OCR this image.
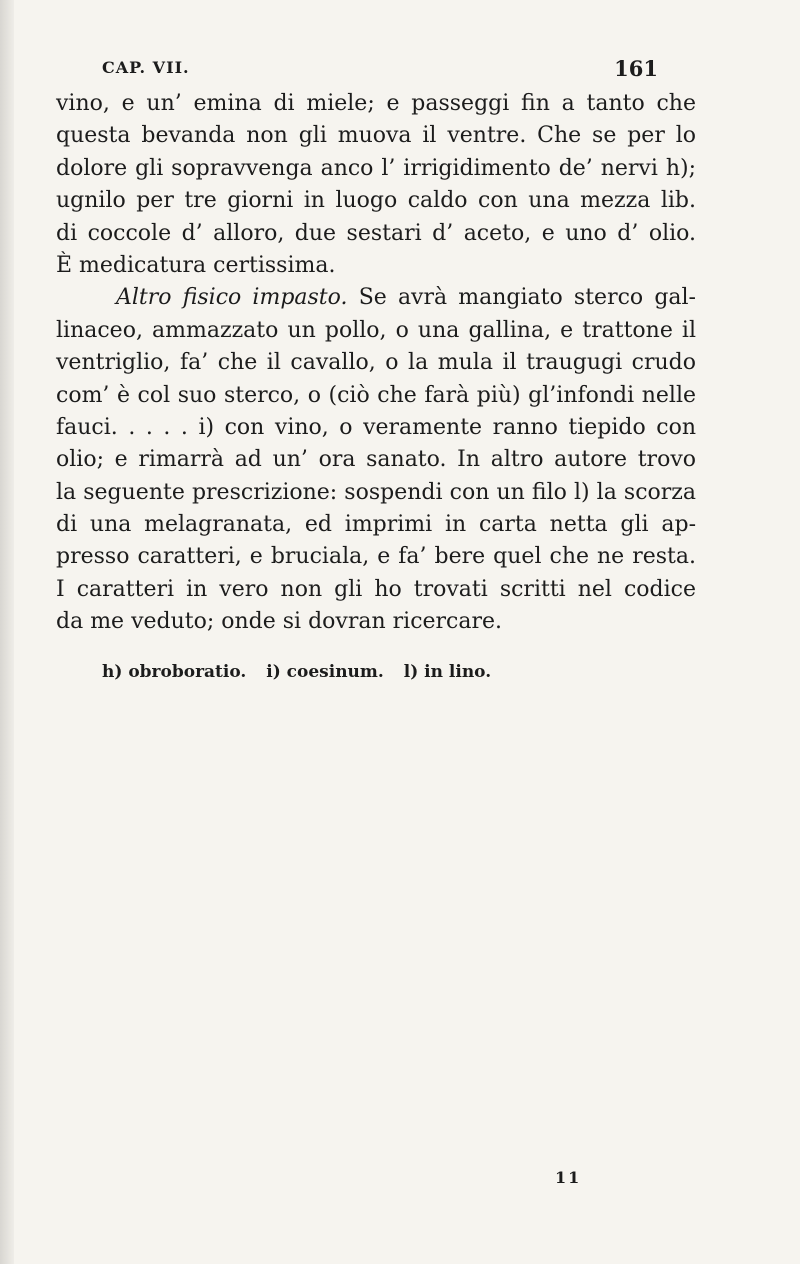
CAP. VII.	161
vino, e un’ emina di miele; e passeggi fin a tanto che
questa bevanda non gli muova il ventre. Che se per lo
dolore gli sopravvenga anco l’ irrigidimento de’ nervi h);
ugnilo per tre giorni in luogo caldo con una mezza lib.
di coccole d’ alloro, due sestari d’ aceto, e uno d’ olio.
È medicatura certissima.
Altro fisico impasto. Se avrà mangiato sterco gal-
linaceo, ammazzato un pollo, o una gallina, e trattone il
ventriglio, fa’ che il cavallo, o la mula il traugugi crudo
com’ è col suo sterco, o (ciò che farà più) gl’infondi nelle
fauci. . . . . i) con vino, o veramente ranno tiepido con
olio; e rimarrà ad un’ ora sanato. In altro autore trovo
la seguente prescrizione: sospendi con un filo l) la scorza
di una melagranata, ed imprimi in carta netta gli ap-
presso caratteri, e bruciala, e fa’ bere quel che ne resta.
I caratteri in vero non gli ho trovati scritti nel codice
da me veduto; onde si dovran ricercare.
h) obroboratio. i) coesinum. l) in lino.
11
